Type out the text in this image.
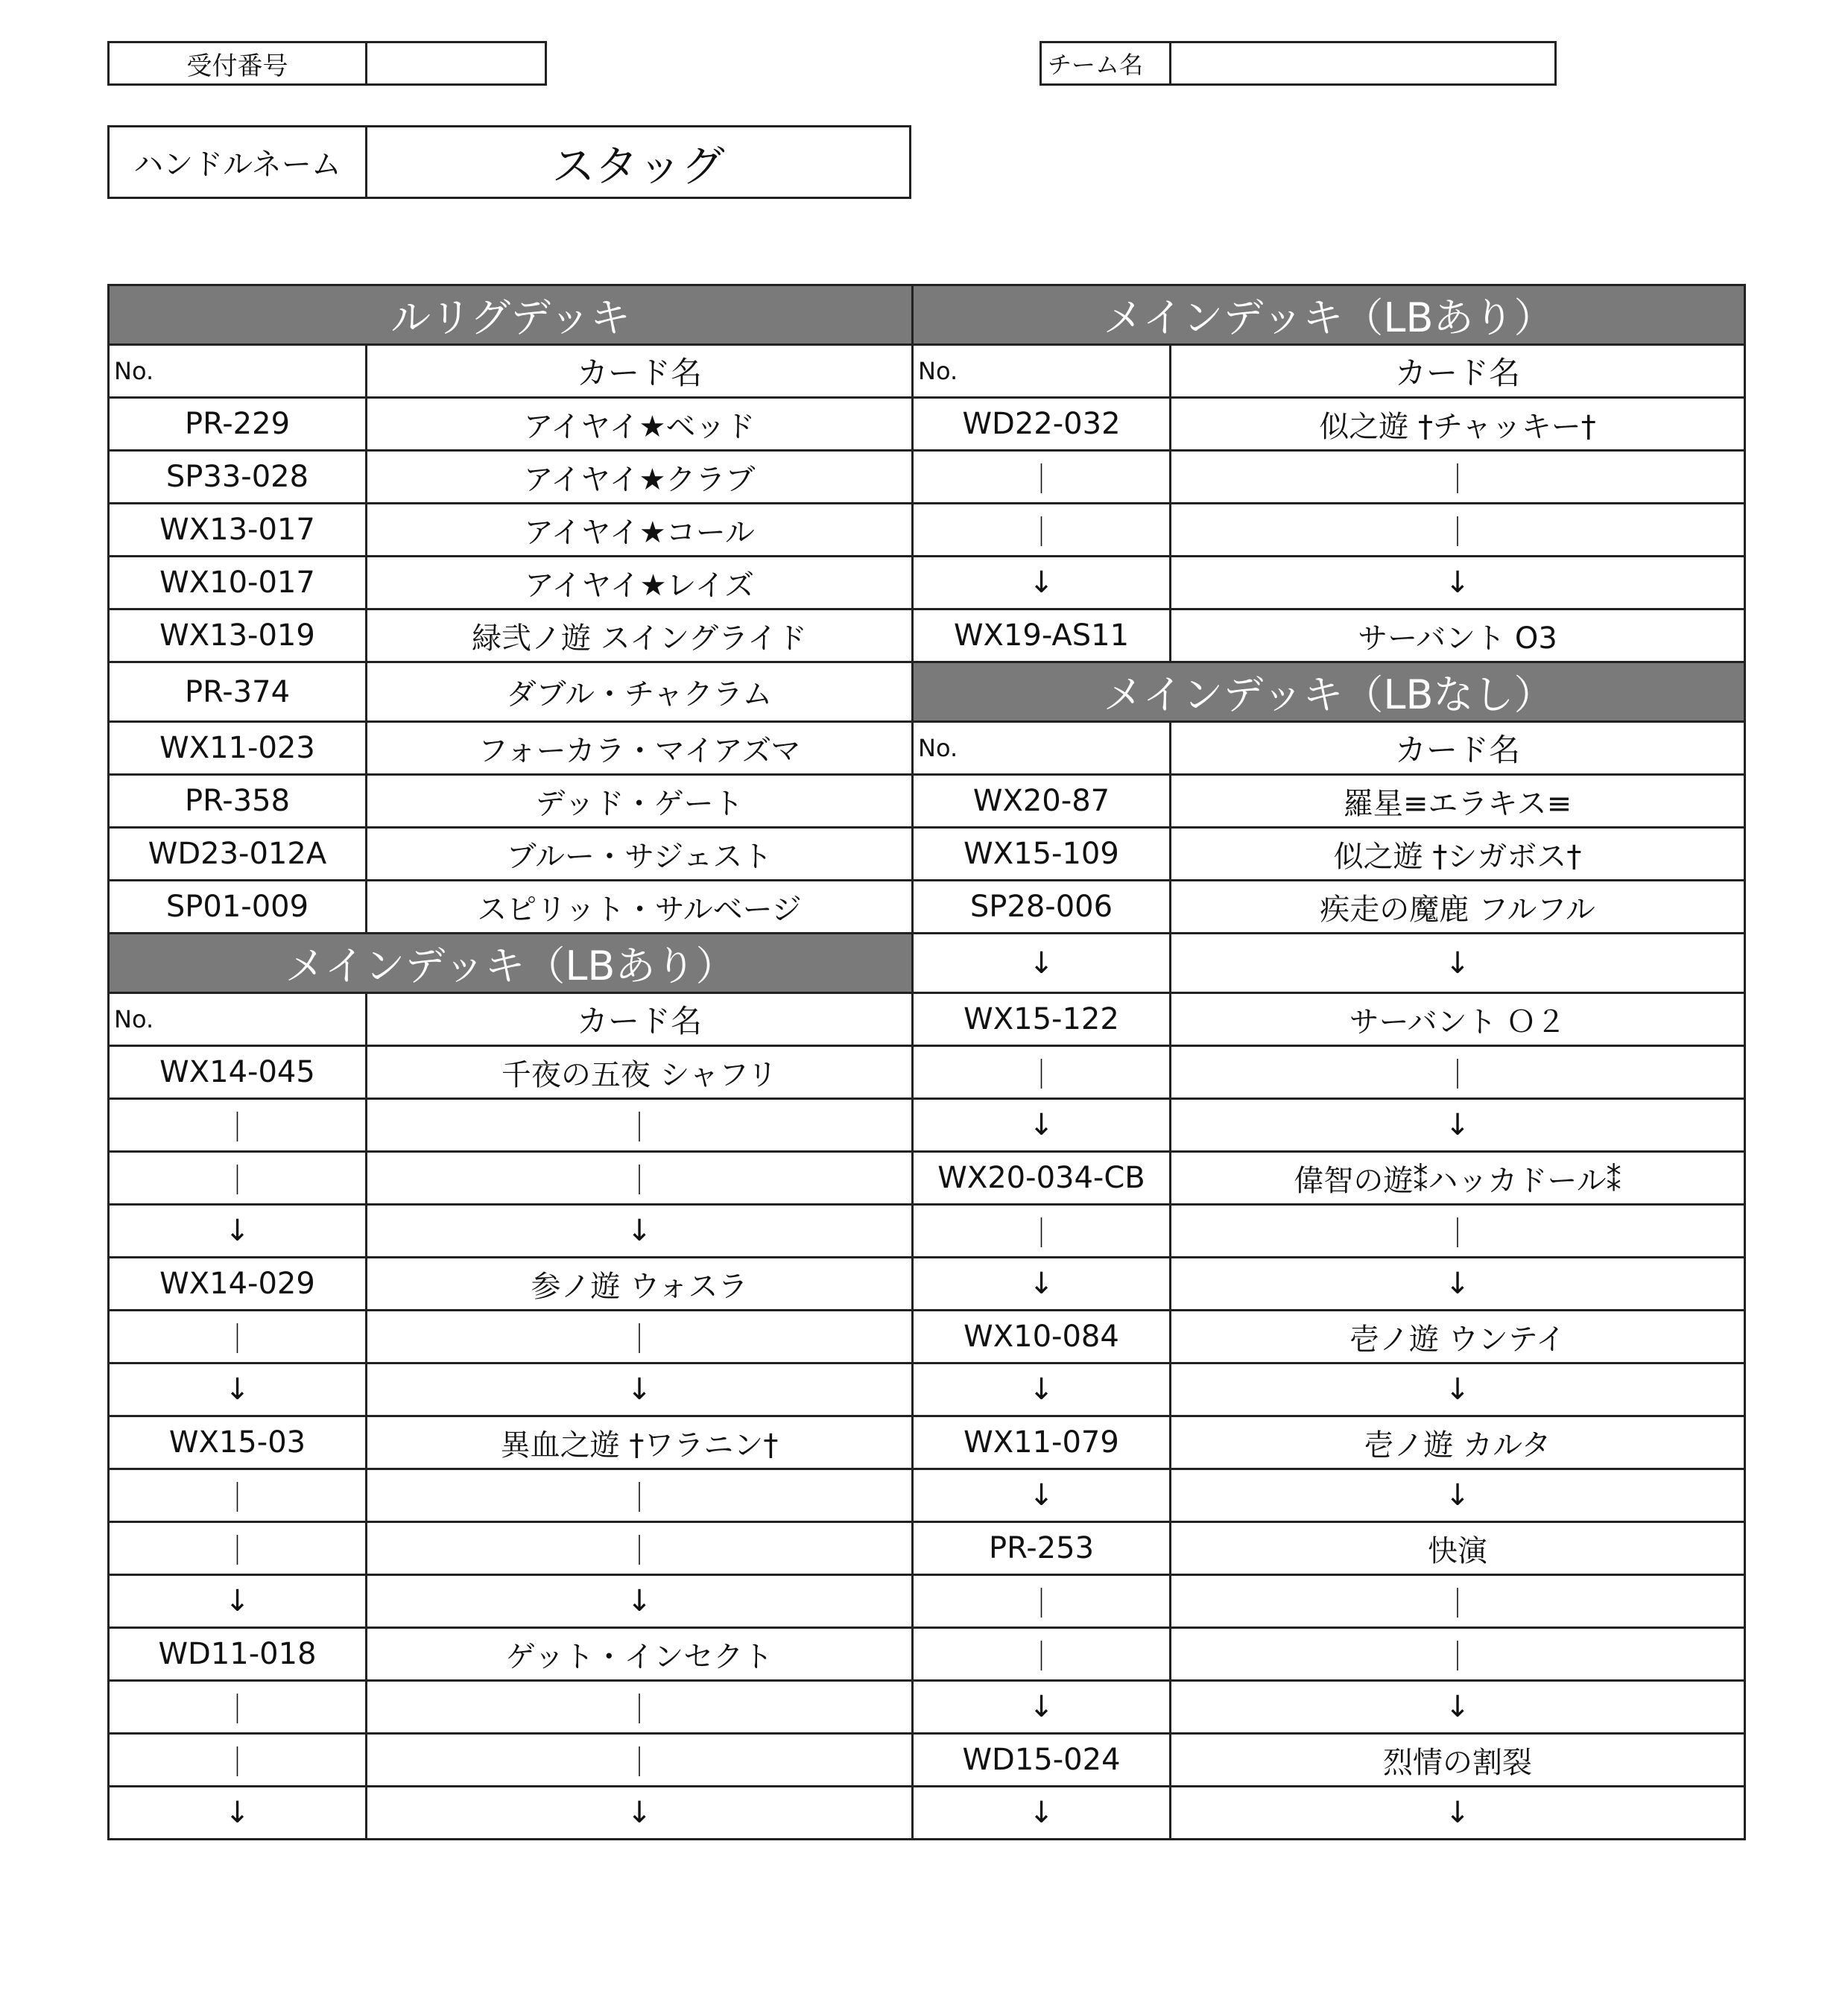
受付番号	チーム名
ハンドルネーム	スタッグ
ルリグデッキ		メインデッキ（LBあり）	
No.	カード名	No.	カード名
PR-229	アイヤイ★ベッド	WD22-032	似之遊 †チャッキー†
SP33-028	アイヤイ★クラブ	｜	｜
WX13-017	アイヤイ★コール	｜	｜
WX10-017	アイヤイ★レイズ	↓	↓
WX13-019	緑弐ノ遊 スイングライド	WX19-AS11	サーバント O3
PR-374	ダブル・チャクラム	メインデッキ（LBなし）	
WX11-023	フォーカラ・マイアズマ	No.	カード名
PR-358	デッド・ゲート	WX20-87	羅星≡エラキス≡
WD23-012A	ブルー・サジェスト	WX15-109	似之遊 †シガボス†
SP01-009	スピリット・サルベージ	SP28-006	疾走の魔鹿 フルフル
メインデッキ（LBあり）		↓	↓
No.	カード名	WX15-122	サーバント Ｏ２
WX14-045	千夜の五夜 シャフリ	｜	｜
｜	｜	↓	↓
｜	｜	WX20-034-CB	偉智の遊⁑ハッカドール⁑
↓	↓	｜	｜
WX14-029	参ノ遊 ウォスラ	↓	↓
｜	｜	WX10-084	壱ノ遊 ウンテイ
↓	↓	↓	↓
WX15-03	異血之遊 †ワラニン†	WX11-079	壱ノ遊 カルタ
｜	｜	↓	↓
｜	｜	PR-253	快演
↓	↓	｜	｜
WD11-018	ゲット・インセクト	｜	｜
｜	｜	↓	↓
｜	｜	WD15-024	烈情の割裂
↓	↓	↓	↓
